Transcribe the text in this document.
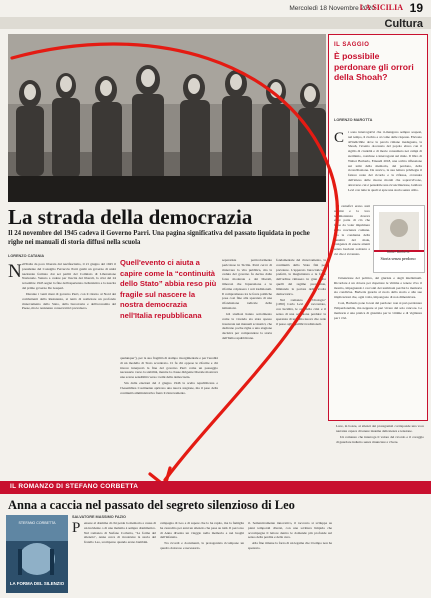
Mercoledì 18 Novembre 2020
LA SICILIA 19
Cultura
IL SAGGIO
È possibile perdonare gli orrori della Shoah?
LORENZO MAROTTA
C	i sono interrogativi che ri-mangono sempre sospesi, nel tempo, il rischio e al come delle risposte. Elevano all'indicibile dove la parola rimane inadeguata, la Shoah, l'evento olocausto del popolo ebreo con il sigillo di crudeltà e di morte consumato nei campi di sterminio, costrinse a interrogarsi sul male. Il libro di Walter Barberis, Einaudi 2018, una scritta riflessione sui temi della memoria, del perdono, della riconciliazione. Da storico, la sua lettura privilegia il fattore reale del ricordo e la riflessa, ovvenuta dell'atteso delle risorse morali che sopravvivono, attraverso cui è pensabile una riconciliazione, laddove Levi con tutte le quali si apre una storia senza oblio.

I carnefici erano stati uomini e la loro testimonianza doveva esser parte di ciò che fosse da voler imprimere nella coscienza comune. Ma la condanna della banalità del male, l'esigenza di essere attenti senza lasciarsi sottrarre a ciò che è avvenuto.	Walter Barberis
Storia senza perdono

l'attenzione del politico, del giurista e degli intellettuali. Ricordare è un dovere per rispettare le vittime e tenere vivo il monito, impegnando i racconti dei testimoni perché la memoria sia condivisa. Barberis guarda al ruolo della storia e alle sue implicazioni che, ogni volta, impongono di non dimenticare.

Così, Barberis pone la tesi del perdono: non si può perdonare l'imperdonabile, ma neppure si può vivere del solo rancore. La memoria è una pratica di giustizia per le vittime e di vigilanza per i vivi.

La strada della democrazia
Il 24 novembre del 1945 cadeva il Governo Parri. Una pagina significativa del passato liquidata in poche righe nei manuali di storia diffusi nella scuola
LORENZO CATANIA
N ell'Italia da poco liberata dal nazifascismo, il 21 giugno del 1945 il presidente del Consiglio Ferruccio Parri guidò un governo di unità nazionale formato dai sei partiti del Comitato di Liberazione Nazionale. Venuto a cadere per l'uscita dei liberali, la crisi del 24 novembre 1945 segnò la fine dell'esperienza ciellenistica e la nascita del primo governo De Gasperi.

Durante i venti mesi di governo Parri, con il ritorno al Nord dei combattenti della Resistenza, si tentò di realizzare un profondo rinnovamento dello Stato, della burocrazia e dell'economia del Paese, ma le resistenze conservatrici prevalsero.

Quell'evento ci aiuta a capire come la “continuità dello Stato” abbia reso più fragile sul nascere la nostra democrazia nell'Italia repubblicana

qualunque"), per la sua fragilità di stampo risorgimentale e per l'eredità di un modello di Stato accentrato. Ci fu chi oppose le riforme e chi invece interpretò la fine del governo Parri come un passaggio necessario verso la stabilità, mentre la classe dirigente liberale mostrava una scarsa sensibilità verso i temi della democrazia.

Sin dalle elezioni del 2 giugno 1946 la scelta repubblicana e l'Assemblea Costituente aprirono una nuova stagione, ma il peso della continuità amministrativa frenò il rinnovamento.

separatiste particolarmente pericolose in Sicilia. Parri cercò di rinnovare la vita pubblica, ma la caduta del governo fu decisa dalle forze moderate e dai liberali, timorosi che l'epurazione e le riforme colpissero i ceti tradizionali. Il compromesso tra le forze politiche pose così fine alla speranza di una rifondazione radicale delle istituzioni.

Gli studiosi hanno sottolineato come la vicenda sia stata spesso trascurata nei manuali scolastici, che dedicano poche righe a una stagione decisiva per comprendere la storia dell'Italia repubblicana.

fondamentale del rinnovamento, la continuità dello Stato finì per prevalere. L'apparato burocratico, i prefetti, la magistratura e le forze dell'ordine rimasero in gran parte quelli del regime precedente, limitando la portata della svolta democratica.

Nel romanzo "L'Orologio" (1950) Carlo Levi ha raccontato, con lucidità, le ore della crisi e il senso di una occasione perduta: la speranza di un'Italia nuova che cede il passo agli equilibri tradizionali.

IL ROMANZO DI STEFANO CORBETTA
Anna a caccia nel passato del segreto silenzioso di Leo
STEFANO CORBETTA
LA FORMA DEL SILENZIO
SALVATORE MASSIMO FAZIO
P ensare al dramma di chi perde la memoria a causa di un incidente o di una malattia è sempre drammatico. Nel romanzo di Stefano Corbetta, "La forma del silenzio", Anna cerca di ricostruire la storia del fratello Leo, scomparso quando erano bambini.

campagna di Leo e di sapere che lo ha rapito, ma la famiglia ha custodito per anni un silenzio che pesa su tutti. Il percorso di Anna diventa un viaggio nella memoria e nei luoghi dell'infanzia.

Tra ricordi e documenti, la protagonista ricompone un quadro doloroso e necessario.

il. Semanticamente innovativo, il racconto si sviluppa su piani temporali diversi, con una scrittura limpida che accompagna il lettore dentro le domande più profonde sul senso della perdita e della cura.

Alla fine rimane la forza di un legame che il tempo non ha spezzato.

Luce, in bozze, ai silenzi dei protagonisti corrisponde una voce narrante capace di tenere insieme delicatezza e tensione.

Un romanzo che interroga il valore del ricordo e il coraggio di guardare indietro senza rinunciare a vivere.
